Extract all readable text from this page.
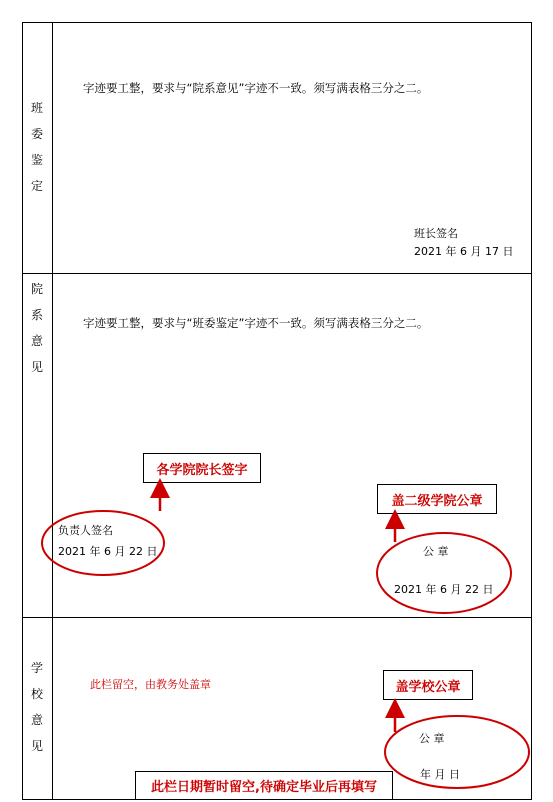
班
委
鉴
定
字迹要工整，要求与“院系意见”字迹不一致。须写满表格三分之二。
班长签名
2021 年 6 月 17 日
院
系
意
见
字迹要工整，要求与“班委鉴定”字迹不一致。须写满表格三分之二。
各学院院长签字
盖二级学院公章
负责人签名
2021 年 6 月 22 日	公 章
2021 年 6 月 22 日
学
校
意
见
此栏留空，由教务处盖章	盖学校公章
公 章
年 月 日
此栏日期暂时留空,待确定毕业后再填写
